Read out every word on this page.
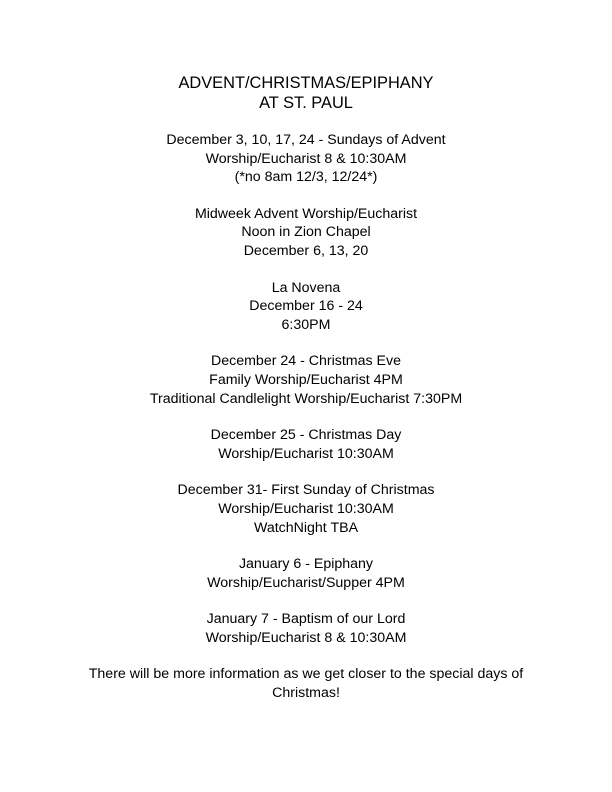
ADVENT/CHRISTMAS/EPIPHANY
AT ST. PAUL
December 3, 10, 17, 24 - Sundays of Advent
Worship/Eucharist 8 & 10:30AM
(*no 8am 12/3, 12/24*)
Midweek Advent Worship/Eucharist
Noon in Zion Chapel
December 6, 13, 20
La Novena
December 16 - 24
6:30PM
December 24 - Christmas Eve
Family Worship/Eucharist 4PM
Traditional Candlelight Worship/Eucharist 7:30PM
December 25 - Christmas Day
Worship/Eucharist 10:30AM
December 31- First Sunday of Christmas
Worship/Eucharist 10:30AM
WatchNight TBA
January 6 - Epiphany
Worship/Eucharist/Supper 4PM
January 7 - Baptism of our Lord
Worship/Eucharist 8 & 10:30AM
There will be more information as we get closer to the special days of Christmas!
